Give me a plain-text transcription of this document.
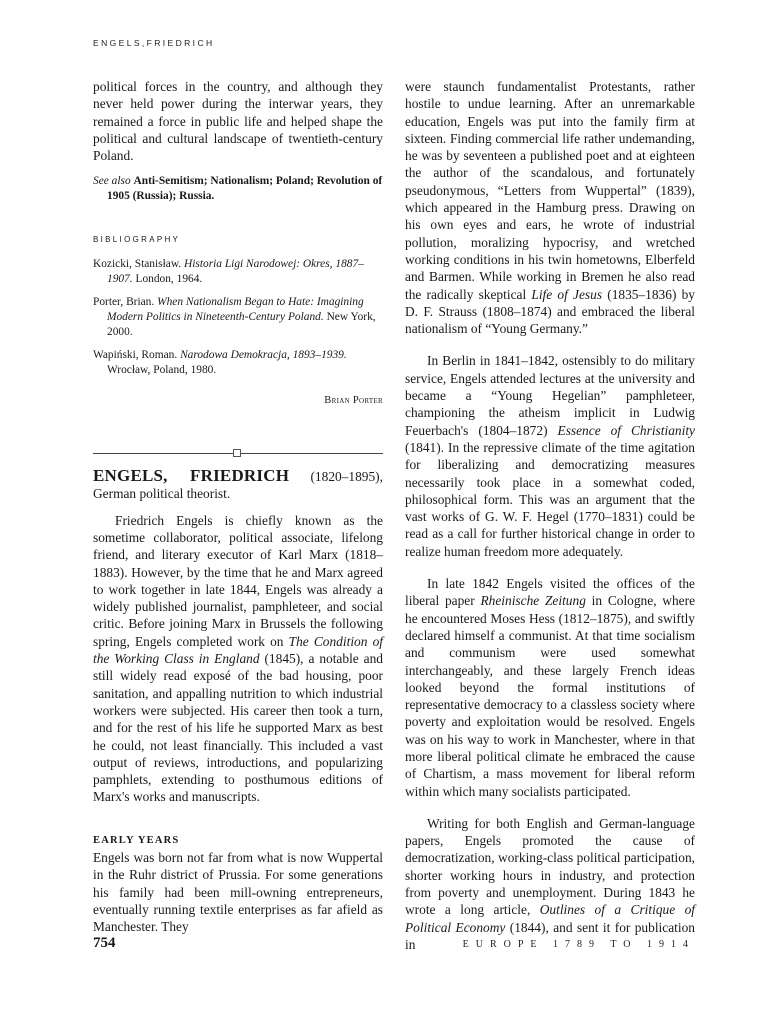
ENGELS,FRIEDRICH

political forces in the country, and although they never held power during the interwar years, they remained a force in public life and helped shape the political and cultural landscape of twentieth-century Poland.

See also Anti-Semitism; Nationalism; Poland; Revolution of 1905 (Russia); Russia.

BIBLIOGRAPHY

Kozicki, Stanisław. Historia Ligi Narodowej: Okres, 1887–1907. London, 1964.

Porter, Brian. When Nationalism Began to Hate: Imagining Modern Politics in Nineteenth-Century Poland. New York, 2000.

Wapiński, Roman. Narodowa Demokracja, 1893–1939. Wrocław, Poland, 1980.

Brian Porter

ENGELS, FRIEDRICH (1820–1895), German political theorist.

Friedrich Engels is chiefly known as the sometime collaborator, political associate, lifelong friend, and literary executor of Karl Marx (1818–1883). However, by the time that he and Marx agreed to work together in late 1844, Engels was already a widely published journalist, pamphleteer, and social critic. Before joining Marx in Brussels the following spring, Engels completed work on The Condition of the Working Class in England (1845), a notable and still widely read exposé of the bad housing, poor sanitation, and appalling nutrition to which industrial workers were subjected. His career then took a turn, and for the rest of his life he supported Marx as best he could, not least financially. This included a vast output of reviews, introductions, and popularizing pamphlets, extending to posthumous editions of Marx's works and manuscripts.

EARLY YEARS

Engels was born not far from what is now Wuppertal in the Ruhr district of Prussia. For some generations his family had been mill-owning entrepreneurs, eventually running textile enterprises as far afield as Manchester. They

were staunch fundamentalist Protestants, rather hostile to undue learning. After an unremarkable education, Engels was put into the family firm at sixteen. Finding commercial life rather undemanding, he was by seventeen a published poet and at eighteen the author of the scandalous, and fortunately pseudonymous, “Letters from Wuppertal” (1839), which appeared in the Hamburg press. Drawing on his own eyes and ears, he wrote of industrial pollution, moralizing hypocrisy, and wretched working conditions in his twin hometowns, Elberfeld and Barmen. While working in Bremen he also read the radically skeptical Life of Jesus (1835–1836) by D. F. Strauss (1808–1874) and embraced the liberal nationalism of “Young Germany.”

In Berlin in 1841–1842, ostensibly to do military service, Engels attended lectures at the university and became a “Young Hegelian” pamphleteer, championing the atheism implicit in Ludwig Feuerbach's (1804–1872) Essence of Christianity (1841). In the repressive climate of the time agitation for liberalizing and democratizing measures necessarily took place in a somewhat coded, philosophical form. This was an argument that the vast works of G. W. F. Hegel (1770–1831) could be read as a call for further historical change in order to realize human freedom more adequately.

In late 1842 Engels visited the offices of the liberal paper Rheinische Zeitung in Cologne, where he encountered Moses Hess (1812–1875), and swiftly declared himself a communist. At that time socialism and communism were used somewhat interchangeably, and these largely French ideas looked beyond the formal institutions of representative democracy to a classless society where poverty and exploitation would be resolved. Engels was on his way to work in Manchester, where in that more liberal political climate he embraced the cause of Chartism, a mass movement for liberal reform within which many socialists participated.

Writing for both English and German-language papers, Engels promoted the cause of democratization, working-class political participation, shorter working hours in industry, and protection from poverty and unemployment. During 1843 he wrote a long article, Outlines of a Critique of Political Economy (1844), and sent it for publication in

754	EUROPE 1789 TO 1914
